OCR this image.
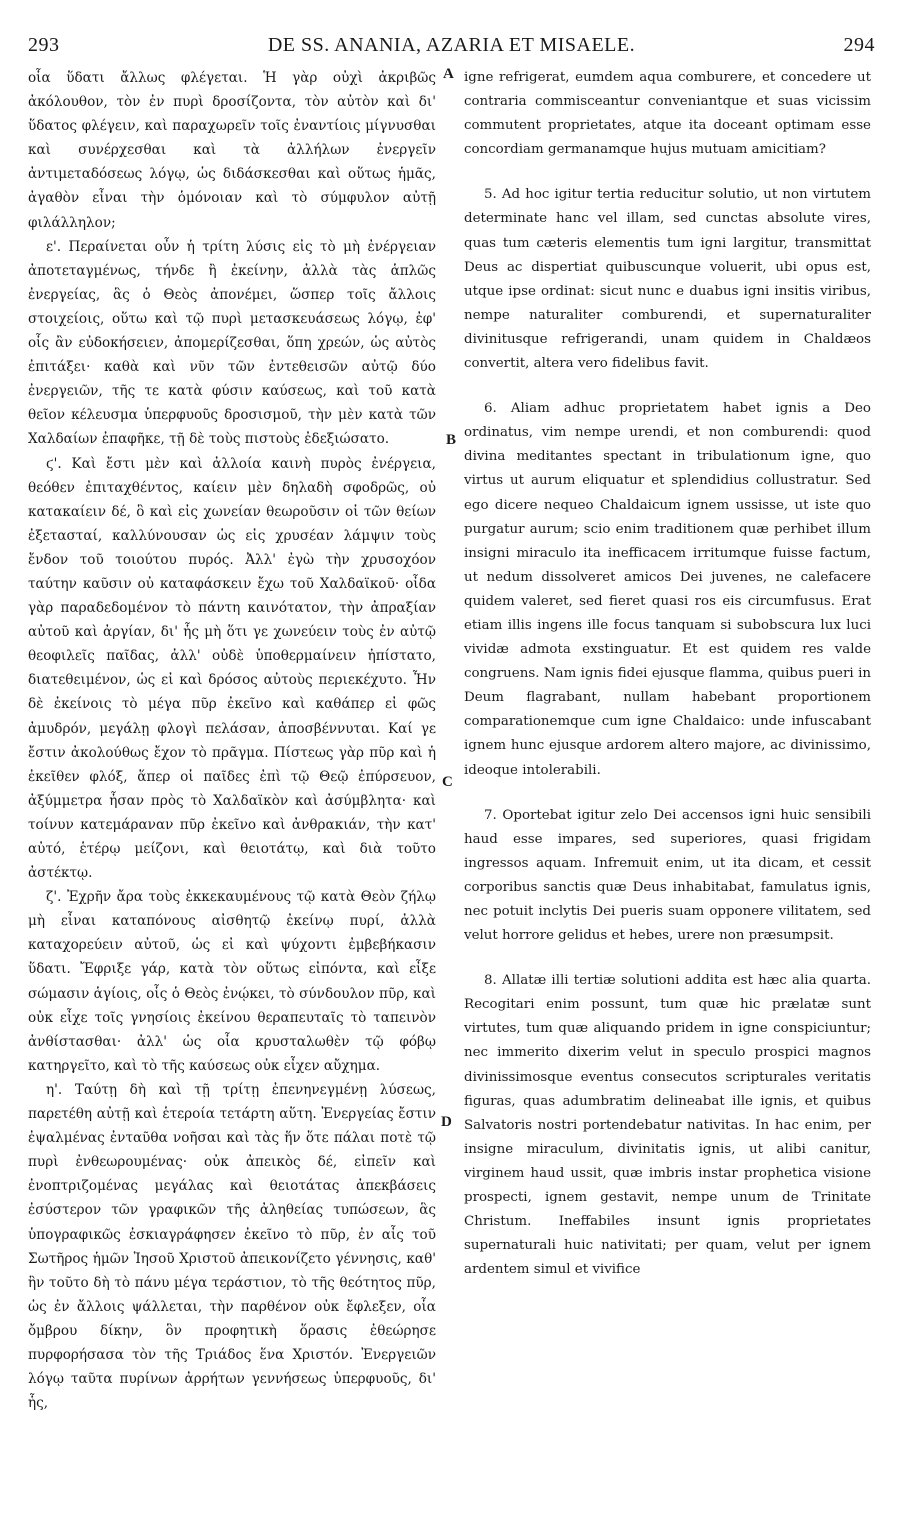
293	DE SS. ANANIA, AZARIA ET MISAELE.	294

οἷα ὕδατι ἄλλως φλέγεται. Ἡ γὰρ οὐχὶ ἀκριβῶς ἀκόλουθον, τὸν ἐν πυρὶ δροσίζοντα, τὸν αὐτὸν καὶ δι' ὕδατος φλέγειν, καὶ παραχωρεῖν τοῖς ἐναντίοις μίγνυσθαι καὶ συνέρχεσθαι καὶ τὰ ἀλλήλων ἐνεργεῖν ἀντιμεταδόσεως λόγῳ, ὡς διδάσκεσθαι καὶ οὕτως ἡμᾶς, ἀγαθὸν εἶναι τὴν ὁμόνοιαν καὶ τὸ σύμφυλον αὐτῇ φιλάλληλον;

ε'. Περαίνεται οὖν ἡ τρίτη λύσις εἰς τὸ μὴ ἐνέργειαν ἀποτεταγμένως, τήνδε ἢ ἐκείνην, ἀλλὰ τὰς ἁπλῶς ἐνεργείας, ἃς ὁ Θεὸς ἀπονέμει, ὥσπερ τοῖς ἄλλοις στοιχείοις, οὕτω καὶ τῷ πυρὶ μετασκευάσεως λόγῳ, ἐφ' οἷς ἂν εὐδοκήσειεν, ἀπομερίζεσθαι, ὅπη χρεών, ὡς αὐτὸς ἐπιτάξει· καθὰ καὶ νῦν τῶν ἐντεθεισῶν αὐτῷ δύο ἐνεργειῶν, τῆς τε κατὰ φύσιν καύσεως, καὶ τοῦ κατὰ θεῖον κέλευσμα ὑπερφυοῦς δροσισμοῦ, τὴν μὲν κατὰ τῶν Χαλδαίων ἐπαφῆκε, τῇ δὲ τοὺς πιστοὺς ἐδεξιώσατο.

ϛ'. Καὶ ἔστι μὲν καὶ ἀλλοία καινὴ πυρὸς ἐνέργεια, θεόθεν ἐπιταχθέντος, καίειν μὲν δηλαδὴ σφοδρῶς, οὐ κατακαίειν δέ, ὃ καὶ εἰς χωνείαν θεωροῦσιν οἱ τῶν θείων ἐξετασταί, καλλύνουσαν ὡς εἰς χρυσέαν λάμψιν τοὺς ἔνδον τοῦ τοιούτου πυρός. Ἀλλ' ἐγὼ τὴν χρυσοχόον ταύτην καῦσιν οὐ καταφάσκειν ἔχω τοῦ Χαλδαϊκοῦ· οἶδα γὰρ παραδεδομένον τὸ πάντη καινότατον, τὴν ἀπραξίαν αὐτοῦ καὶ ἀργίαν, δι' ἧς μὴ ὅτι γε χωνεύειν τοὺς ἐν αὐτῷ θεοφιλεῖς παῖδας, ἀλλ' οὐδὲ ὑποθερμαίνειν ἠπίστατο, διατεθειμένον, ὡς εἰ καὶ δρόσος αὐτοὺς περιεκέχυτο. Ἦν δὲ ἐκείνοις τὸ μέγα πῦρ ἐκεῖνο καὶ καθάπερ εἰ φῶς ἀμυδρόν, μεγάλῃ φλογὶ πελάσαν, ἀποσβέννυται. Καί γε ἔστιν ἀκολούθως ἔχον τὸ πρᾶγμα. Πίστεως γὰρ πῦρ καὶ ἡ ἐκεῖθεν φλόξ, ἅπερ οἱ παῖδες ἐπὶ τῷ Θεῷ ἐπύρσευον, ἀξύμμετρα ἦσαν πρὸς τὸ Χαλδαϊκὸν καὶ ἀσύμβλητα· καὶ τοίνυν κατεμάραναν πῦρ ἐκεῖνο καὶ ἀνθρακιάν, τὴν κατ' αὐτό, ἑτέρῳ μείζονι, καὶ θειοτάτῳ, καὶ διὰ τοῦτο ἀστέκτῳ.

ζ'. Ἐχρῆν ἄρα τοὺς ἐκκεκαυμένους τῷ κατὰ Θεὸν ζήλῳ μὴ εἶναι καταπόνους αἰσθητῷ ἐκείνῳ πυρί, ἀλλὰ καταχορεύειν αὐτοῦ, ὡς εἰ καὶ ψύχοντι ἐμβεβήκασιν ὕδατι. Ἔφριξε γάρ, κατὰ τὸν οὕτως εἰπόντα, καὶ εἶξε σώμασιν ἁγίοις, οἷς ὁ Θεὸς ἐνῴκει, τὸ σύνδουλον πῦρ, καὶ οὐκ εἶχε τοῖς γνησίοις ἐκείνου θεραπευταῖς τὸ ταπεινὸν ἀνθίστασθαι· ἀλλ' ὡς οἷα κρυσταλωθὲν τῷ φόβῳ κατηργεῖτο, καὶ τὸ τῆς καύσεως οὐκ εἶχεν αὔχημα.

η'. Ταύτῃ δὴ καὶ τῇ τρίτῃ ἐπενηνεγμένῃ λύσεως, παρετέθη αὐτῇ καὶ ἑτεροία τετάρτη αὕτη. Ἐνεργείας ἔστιν ἐψαλμένας ἐνταῦθα νοῆσαι καὶ τὰς ἥν ὅτε πάλαι ποτὲ τῷ πυρὶ ἐνθεωρουμένας· οὐκ ἀπεικὸς δέ, εἰπεῖν καὶ ἐνοπτριζομένας μεγάλας καὶ θειοτάτας ἀπεκβάσεις ἐσύστερον τῶν γραφικῶν τῆς ἀληθείας τυπώσεων, ἃς ὑπογραφικῶς ἐσκιαγράφησεν ἐκεῖνο τὸ πῦρ, ἐν αἷς τοῦ Σωτῆρος ἡμῶν Ἰησοῦ Χριστοῦ ἀπεικονίζετο γέννησις, καθ' ἣν τοῦτο δὴ τὸ πάνυ μέγα τεράστιον, τὸ τῆς θεότητος πῦρ, ὡς ἐν ἄλλοις ψάλλεται, τὴν παρθένον οὐκ ἔφλεξεν, οἷα ὄμβρου δίκην, ὃν προφητικὴ ὅρασις ἐθεώρησε πυρφορήσασα τὸν τῆς Τριάδος ἕνα Χριστόν. Ἐνεργειῶν λόγῳ ταῦτα πυρίνων ἀρρήτων γεννήσεως ὑπερφυοῦς, δι' ἧς,

A
B
C
D

igne refrigerat, eumdem aqua comburere, et concedere ut contraria commisceantur conveniantque et suas vicissim commutent proprietates, atque ita doceant optimam esse concordiam germanamque hujus mutuam amicitiam?

5. Ad hoc igitur tertia reducitur solutio, ut non virtutem determinate hanc vel illam, sed cunctas absolute vires, quas tum cæteris elementis tum igni largitur, transmittat Deus ac dispertiat quibuscunque voluerit, ubi opus est, utque ipse ordinat: sicut nunc e duabus igni insitis viribus, nempe naturaliter comburendi, et supernaturaliter divinitusque refrigerandi, unam quidem in Chaldæos convertit, altera vero fidelibus favit.

6. Aliam adhuc proprietatem habet ignis a Deo ordinatus, vim nempe urendi, et non comburendi: quod divina meditantes spectant in tribulationum igne, quo virtus ut aurum eliquatur et splendidius collustratur. Sed ego dicere nequeo Chaldaicum ignem ussisse, ut iste quo purgatur aurum; scio enim traditionem quæ perhibet illum insigni miraculo ita inefficacem irritumque fuisse factum, ut nedum dissolveret amicos Dei juvenes, ne calefacere quidem valeret, sed fieret quasi ros eis circumfusus. Erat etiam illis ingens ille focus tanquam si subobscura lux luci vividæ admota exstinguatur. Et est quidem res valde congruens. Nam ignis fidei ejusque flamma, quibus pueri in Deum flagrabant, nullam habebant proportionem comparationemque cum igne Chaldaico: unde infuscabant ignem hunc ejusque ardorem altero majore, ac divinissimo, ideoque intolerabili.

7. Oportebat igitur zelo Dei accensos igni huic sensibili haud esse impares, sed superiores, quasi frigidam ingressos aquam. Infremuit enim, ut ita dicam, et cessit corporibus sanctis quæ Deus inhabitabat, famulatus ignis, nec potuit inclytis Dei pueris suam opponere vilitatem, sed velut horrore gelidus et hebes, urere non præsumpsit.

8. Allatæ illi tertiæ solutioni addita est hæc alia quarta. Recogitari enim possunt, tum quæ hic prælatæ sunt virtutes, tum quæ aliquando pridem in igne conspiciuntur; nec immerito dixerim velut in speculo prospici magnos divinissimosque eventus consecutos scripturales veritatis figuras, quas adumbratim delineabat ille ignis, et quibus Salvatoris nostri portendebatur nativitas. In hac enim, per insigne miraculum, divinitatis ignis, ut alibi canitur, virginem haud ussit, quæ imbris instar prophetica visione prospecti, ignem gestavit, nempe unum de Trinitate Christum. Ineffabiles insunt ignis proprietates supernaturali huic nativitati; per quam, velut per ignem ardentem simul et vivifice
